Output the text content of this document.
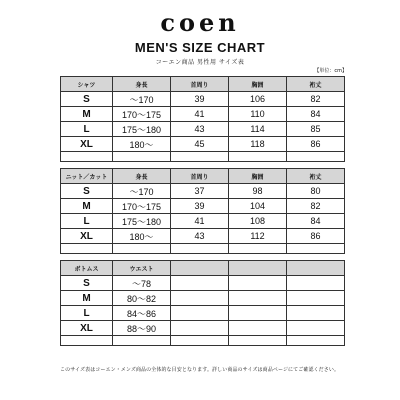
coen
MEN'S SIZE CHART
コーエン商品 男性用 サイズ表
【単位：cm】
シャツ	身長	首周り	胸囲	裄丈
S	〜170	39	106	82
M	170〜175	41	110	84
L	175〜180	43	114	85
XL	180〜	45	118	86

ニット／カット	身長	首周り	胸囲	裄丈
S	〜170	37	98	80
M	170〜175	39	104	82
L	175〜180	41	108	84
XL	180〜	43	112	86

ボトムス	ウエスト			
S	〜78			
M	80〜82			
L	84〜86			
XL	88〜90			

このサイズ表はコーエン・メンズ商品の全体的な目安となります。詳しい商品のサイズは商品ページにてご確認ください。
